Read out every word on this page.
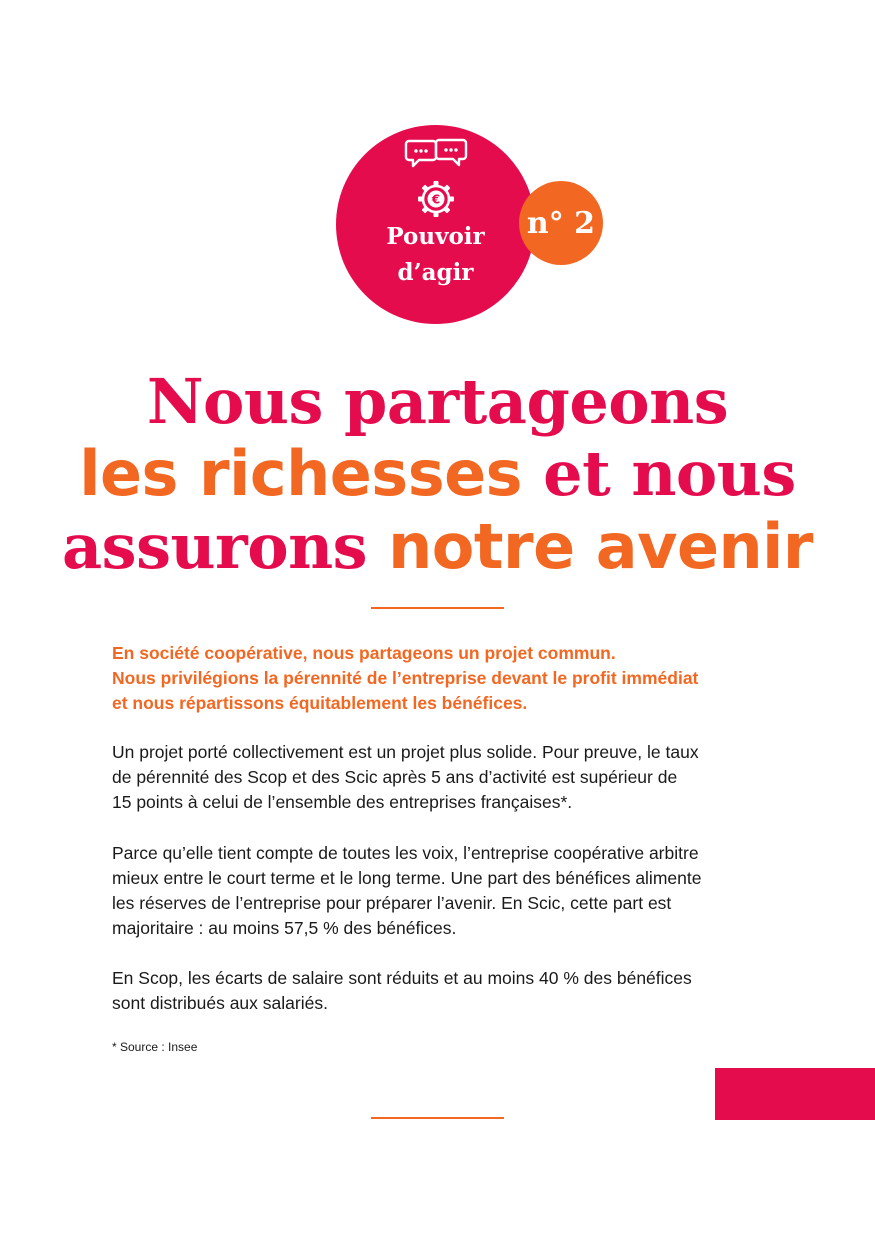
€
Pouvoir
d’agir
n° 2
Nous partageons
les richesses et nous
assurons notre avenir
En société coopérative, nous partageons un projet commun.
Nous privilégions la pérennité de l’entreprise devant le profit immédiat
et nous répartissons équitablement les bénéfices.
Un projet porté collectivement est un projet plus solide. Pour preuve, le taux
de pérennité des Scop et des Scic après 5 ans d’activité est supérieur de
15 points à celui de l’ensemble des entreprises françaises*.
Parce qu’elle tient compte de toutes les voix, l’entreprise coopérative arbitre
mieux entre le court terme et le long terme. Une part des bénéfices alimente
les réserves de l’entreprise pour préparer l’avenir. En Scic, cette part est
majoritaire : au moins 57,5 % des bénéfices.
En Scop, les écarts de salaire sont réduits et au moins 40 % des bénéfices
sont distribués aux salariés.
* Source : Insee
